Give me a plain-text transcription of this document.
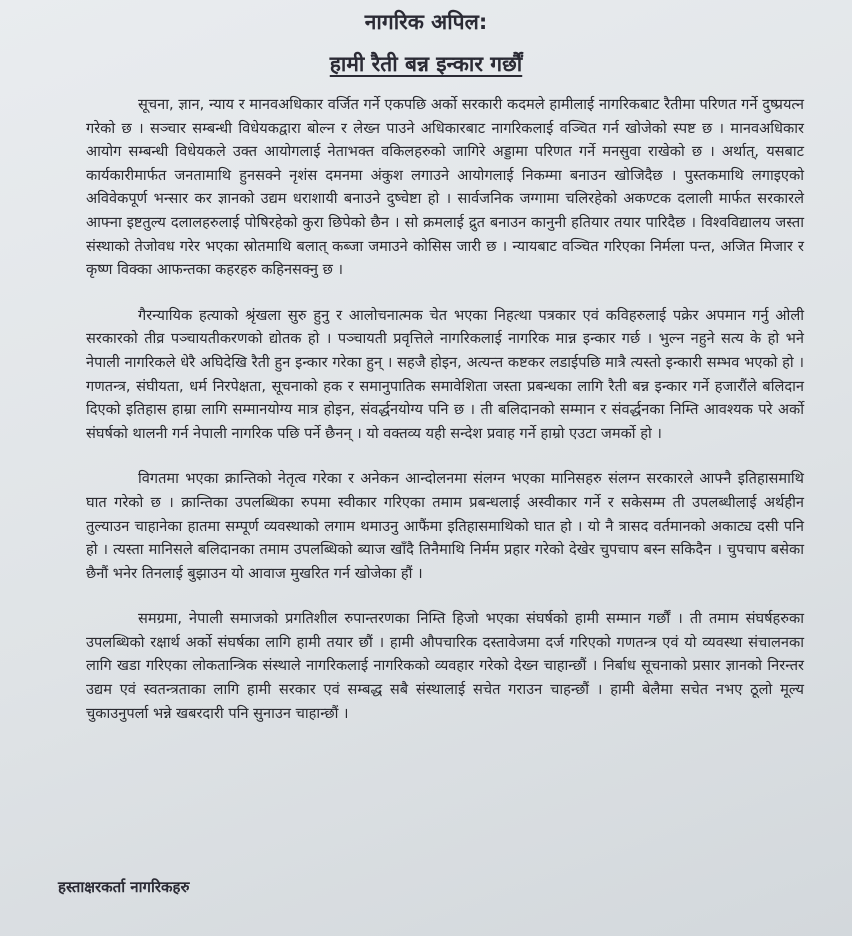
नागरिक अपिल:
हामी रैती बन्न इन्कार गर्छौं

सूचना, ज्ञान, न्याय र मानवअधिकार वर्जित गर्ने एकपछि अर्को सरकारी कदमले हामीलाई नागरिकबाट रैतीमा परिणत गर्ने दुष्प्रयत्न गरेको छ । सञ्चार सम्बन्धी विधेयकद्वारा बोल्न र लेख्न पाउने अधिकारबाट नागरिकलाई वञ्चित गर्न खोजेको स्पष्ट छ । मानवअधिकार आयोग सम्बन्धी विधेयकले उक्त आयोगलाई नेताभक्त वकिलहरुको जागिरे अड्डामा परिणत गर्ने मनसुवा राखेको छ । अर्थात्, यसबाट कार्यकारीमार्फत जनतामाथि हुनसक्ने नृशंस दमनमा अंकुश लगाउने आयोगलाई निकम्मा बनाउन खोजिदैछ । पुस्तकमाथि लगाइएको अविवेकपूर्ण भन्सार कर ज्ञानको उद्यम धराशायी बनाउने दुष्चेष्टा हो । सार्वजनिक जग्गामा चलिरहेको अकण्टक दलाली मार्फत सरकारले आफ्ना इष्टतुल्य दलालहरुलाई पोषिरहेको कुरा छिपेको छैन । सो क्रमलाई द्रुत बनाउन कानुनी हतियार तयार पारिदैछ । विश्वविद्यालय जस्ता संस्थाको तेजोवध गरेर भएका स्रोतमाथि बलात् कब्जा जमाउने कोसिस जारी छ । न्यायबाट वञ्चित गरिएका निर्मला पन्त, अजित मिजार र कृष्ण विक्का आफन्तका कहरहरु कहिनसक्नु छ ।

गैरन्यायिक हत्याको श्रृंखला सुरु हुनु र आलोचनात्मक चेत भएका निहत्था पत्रकार एवं कविहरुलाई पक्रेर अपमान गर्नु ओली सरकारको तीव्र पञ्चायतीकरणको द्योतक हो । पञ्चायती प्रवृत्तिले नागरिकलाई नागरिक मान्न इन्कार गर्छ । भुल्न नहुने सत्य के हो भने नेपाली नागरिकले धेरै अघिदेखि रैती हुन इन्कार गरेका हुन् । सहजै होइन, अत्यन्त कष्टकर लडाईपछि मात्रै त्यस्तो इन्कारी सम्भव भएको हो । गणतन्त्र, संघीयता, धर्म निरपेक्षता, सूचनाको हक र समानुपातिक समावेशिता जस्ता प्रबन्धका लागि रैती बन्न इन्कार गर्ने हजारौंले बलिदान दिएको इतिहास हाम्रा लागि सम्मानयोग्य मात्र होइन, संवर्द्धनयोग्य पनि छ । ती बलिदानको सम्मान र संवर्द्धनका निम्ति आवश्यक परे अर्को संघर्षको थालनी गर्न नेपाली नागरिक पछि पर्ने छैनन् । यो वक्तव्य यही सन्देश प्रवाह गर्ने हाम्रो एउटा जमर्को हो ।

विगतमा भएका क्रान्तिको नेतृत्व गरेका र अनेकन आन्दोलनमा संलग्न भएका मानिसहरु संलग्न सरकारले आफ्नै इतिहासमाथि घात गरेको छ । क्रान्तिका उपलब्धिका रुपमा स्वीकार गरिएका तमाम प्रबन्धलाई अस्वीकार गर्ने र सकेसम्म ती उपलब्धीलाई अर्थहीन तुल्याउन चाहानेका हातमा सम्पूर्ण व्यवस्थाको लगाम थमाउनु आफैंमा इतिहासमाथिको घात हो । यो नै त्रासद वर्तमानको अकाट्य दसी पनि हो । त्यस्ता मानिसले बलिदानका तमाम उपलब्धिको ब्याज खाँदै तिनैमाथि निर्मम प्रहार गरेको देखेर चुपचाप बस्न सकिदैन । चुपचाप बसेका छैनौं भनेर तिनलाई बुझाउन यो आवाज मुखरित गर्न खोजेका हौं ।

समग्रमा, नेपाली समाजको प्रगतिशील रुपान्तरणका निम्ति हिजो भएका संघर्षको हामी सम्मान गर्छौं । ती तमाम संघर्षहरुका उपलब्धिको रक्षार्थ अर्को संघर्षका लागि हामी तयार छौं । हामी औपचारिक दस्तावेजमा दर्ज गरिएको गणतन्त्र एवं यो व्यवस्था संचालनका लागि खडा गरिएका लोकतान्त्रिक संस्थाले नागरिकलाई नागरिकको व्यवहार गरेको देख्न चाहान्छौं । निर्बाध सूचनाको प्रसार ज्ञानको निरन्तर उद्यम एवं स्वतन्त्रताका लागि हामी सरकार एवं सम्बद्ध सबै संस्थालाई सचेत गराउन चाहन्छौं । हामी बेलैमा सचेत नभए ठूलो मूल्य चुकाउनुपर्ला भन्ने खबरदारी पनि सुनाउन चाहान्छौं ।

हस्ताक्षरकर्ता नागरिकहरु
